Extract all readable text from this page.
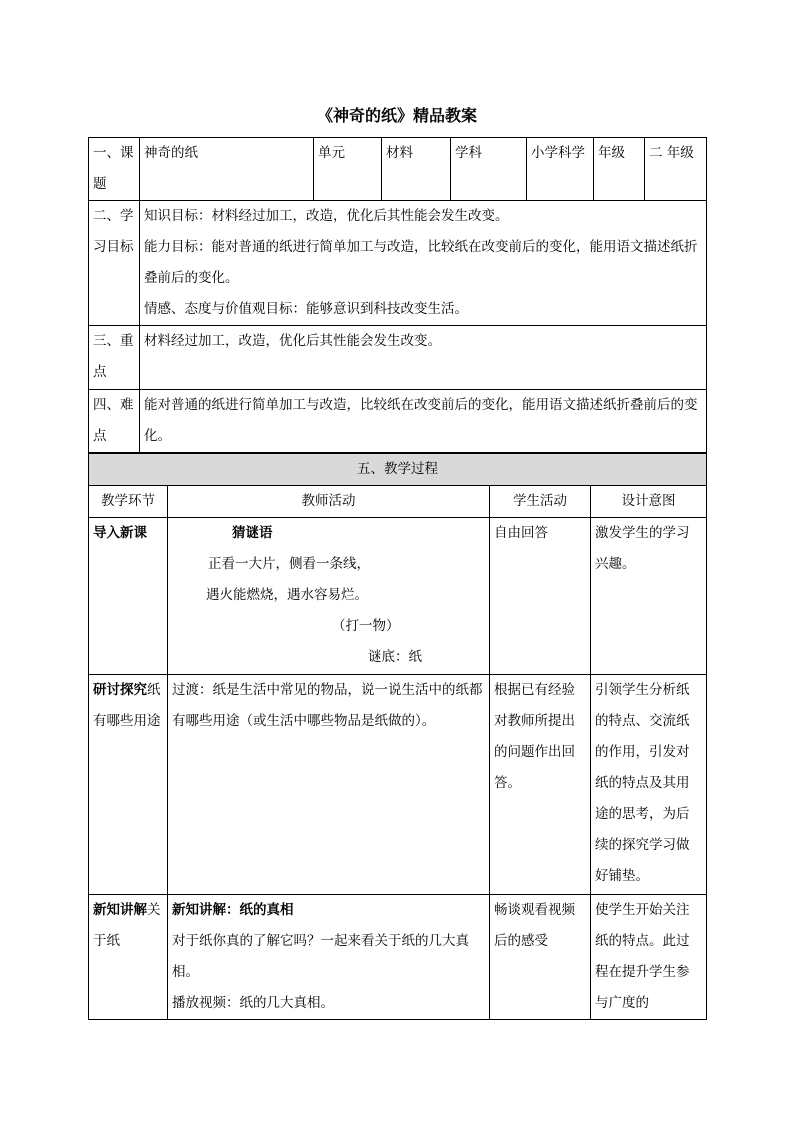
《神奇的纸》精品教案
一、课题	神奇的纸	单元	材料	学科	小学科学	年级	二 年级
二、学习目标	知识目标：材料经过加工，改造，优化后其性能会发生改变。
能力目标：能对普通的纸进行简单加工与改造，比较纸在改变前后的变化，能用语文描述纸折叠前后的变化。
情感、态度与价值观目标：能够意识到科技改变生活。						

三、重点	材料经过加工，改造，优化后其性能会发生改变。						
四、难点	能对普通的纸进行简单加工与改造，比较纸在改变前后的变化，能用语文描述纸折叠前后的变化。						
五、教学过程			
教学环节	教师活动	学生活动	设计意图
导入新课	猜谜语
正看一大片，侧看一条线，
遇火能燃烧，遇水容易烂。
（打一物）
谜底：纸	自由回答	激发学生的学习兴趣。
研讨探究纸有哪些用途	过渡：纸是生活中常见的物品，说一说生活中的纸都有哪些用途（或生活中哪些物品是纸做的）。	根据已有经验对教师所提出的问题作出回答。	引领学生分析纸的特点、交流纸的作用，引发对纸的特点及其用途的思考，为后续的探究学习做好铺垫。
新知讲解关于纸	新知讲解：纸的真相
对于纸你真的了解它吗？一起来看关于纸的几大真相。
播放视频：纸的几大真相。	畅谈观看视频后的感受	使学生开始关注纸的特点。此过程在提升学生参与广度的
